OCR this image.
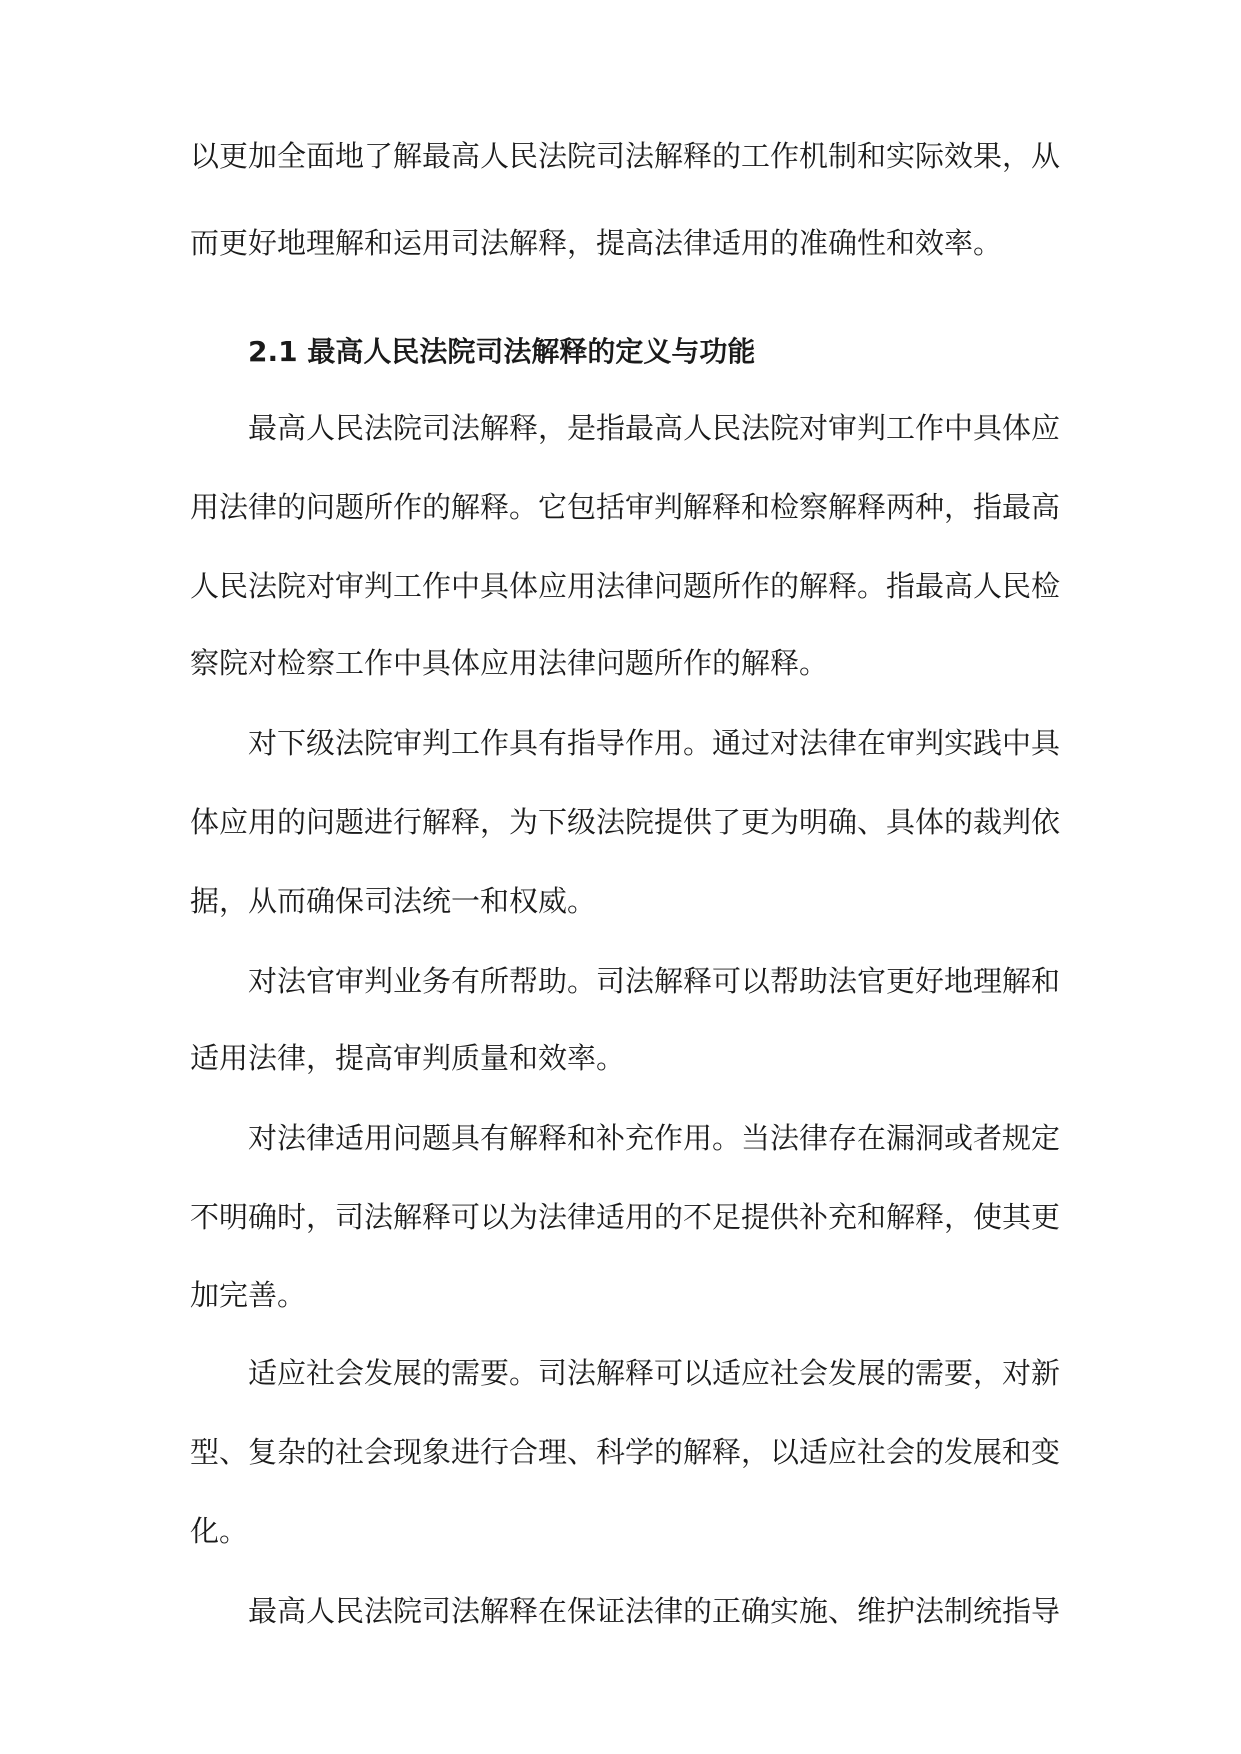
以更加全面地了解最高人民法院司法解释的工作机制和实际效果，从
而更好地理解和运用司法解释，提高法律适用的准确性和效率。
2.1 最高人民法院司法解释的定义与功能
最高人民法院司法解释，是指最高人民法院对审判工作中具体应
用法律的问题所作的解释。它包括审判解释和检察解释两种，指最高
人民法院对审判工作中具体应用法律问题所作的解释。指最高人民检
察院对检察工作中具体应用法律问题所作的解释。
对下级法院审判工作具有指导作用。通过对法律在审判实践中具
体应用的问题进行解释，为下级法院提供了更为明确、具体的裁判依
据，从而确保司法统一和权威。
对法官审判业务有所帮助。司法解释可以帮助法官更好地理解和
适用法律，提高审判质量和效率。
对法律适用问题具有解释和补充作用。当法律存在漏洞或者规定
不明确时，司法解释可以为法律适用的不足提供补充和解释，使其更
加完善。
适应社会发展的需要。司法解释可以适应社会发展的需要，对新
型、复杂的社会现象进行合理、科学的解释，以适应社会的发展和变
化。
最高人民法院司法解释在保证法律的正确实施、维护法制统指导
